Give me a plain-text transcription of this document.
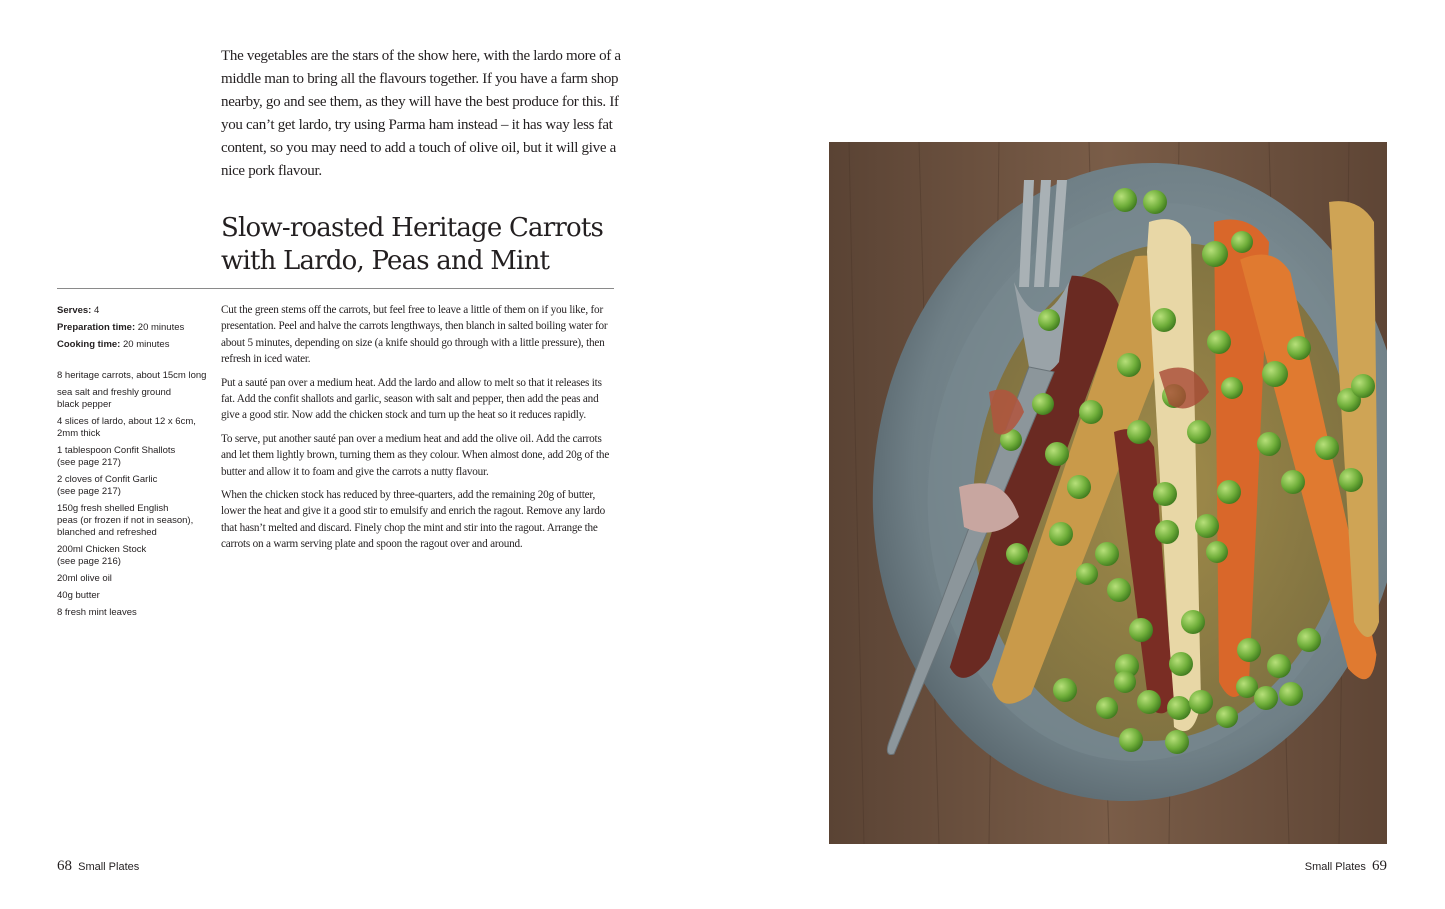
The vegetables are the stars of the show here, with the lardo more of a middle man to bring all the flavours together. If you have a farm shop nearby, go and see them, as they will have the best produce for this. If you can’t get lardo, try using Parma ham instead – it has way less fat content, so you may need to add a touch of olive oil, but it will give a nice pork flavour.

Slow-roasted Heritage Carrots
with Lardo, Peas and Mint
Serves: 4
Preparation time: 20 minutes
Cooking time: 20 minutes
8 heritage carrots, about 15cm long
sea salt and freshly ground
black pepper
4 slices of lardo, about 12 x 6cm,
2mm thick
1 tablespoon Confit Shallots
(see page 217)
2 cloves of Confit Garlic
(see page 217)
150g fresh shelled English
peas (or frozen if not in season),
blanched and refreshed
200ml Chicken Stock
(see page 216)
20ml olive oil
40g butter
8 fresh mint leaves

Cut the green stems off the carrots, but feel free to leave a little of them on if you like, for presentation. Peel and halve the carrots lengthways, then blanch in salted boiling water for about 5 minutes, depending on size (a knife should go through with a little pressure), then refresh in iced water.

Put a sauté pan over a medium heat. Add the lardo and allow to melt so that it releases its fat. Add the confit shallots and garlic, season with salt and pepper, then add the peas and give a good stir. Now add the chicken stock and turn up the heat so it reduces rapidly.

To serve, put another sauté pan over a medium heat and add the olive oil. Add the carrots and let them lightly brown, turning them as they colour. When almost done, add 20g of the butter and allow it to foam and give the carrots a nutty flavour.

When the chicken stock has reduced by three-quarters, add the remaining 20g of butter, lower the heat and give it a good stir to emulsify and enrich the ragout. Remove any lardo that hasn’t melted and discard. Finely chop the mint and stir into the ragout. Arrange the carrots on a warm serving plate and spoon the ragout over and around.

68 Small Plates	Small Plates 69
